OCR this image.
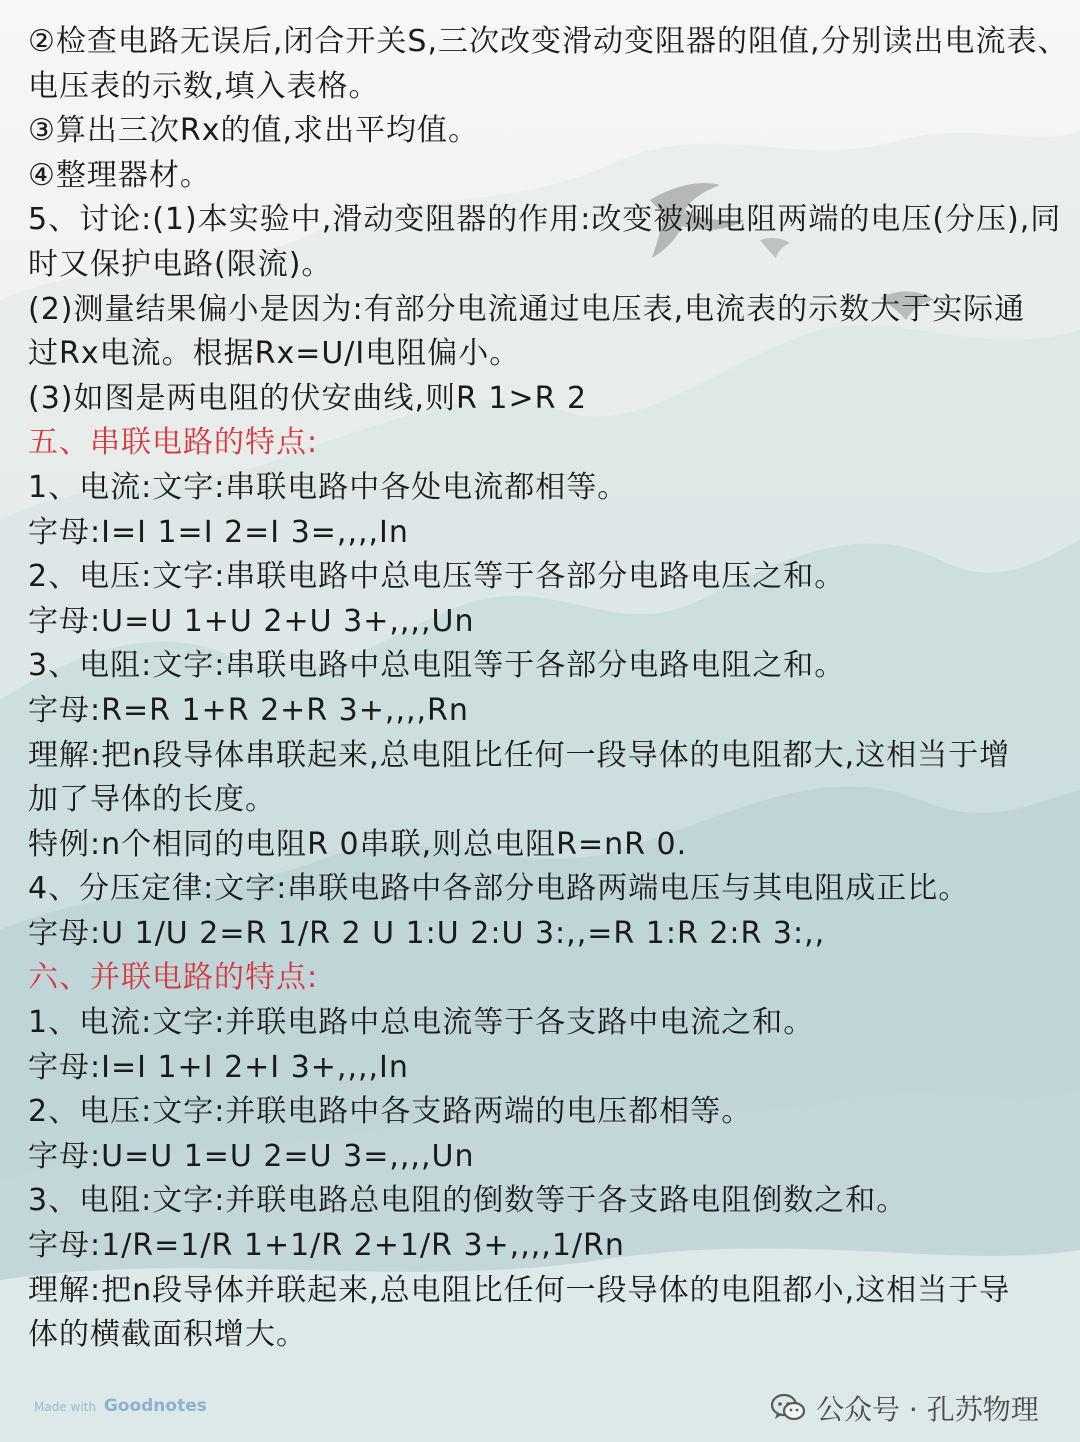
②检查电路无误后,闭合开关S,三次改变滑动变阻器的阻值,分别读出电流表、
电压表的示数,填入表格。
③算出三次Rx的值,求出平均值。
④整理器材。
5、讨论:(1)本实验中,滑动变阻器的作用:改变被测电阻两端的电压(分压),同
时又保护电路(限流)。
(2)测量结果偏小是因为:有部分电流通过电压表,电流表的示数大于实际通
过Rx电流。根据Rx=U/I电阻偏小。
(3)如图是两电阻的伏安曲线,则R 1>R 2
五、串联电路的特点:
1、电流:文字:串联电路中各处电流都相等。
字母:I=I 1=I 2=I 3=,,,,In
2、电压:文字:串联电路中总电压等于各部分电路电压之和。
字母:U=U 1+U 2+U 3+,,,,Un
3、电阻:文字:串联电路中总电阻等于各部分电路电阻之和。
字母:R=R 1+R 2+R 3+,,,,Rn
理解:把n段导体串联起来,总电阻比任何一段导体的电阻都大,这相当于增
加了导体的长度。
特例:n个相同的电阻R 0串联,则总电阻R=nR 0.
4、分压定律:文字:串联电路中各部分电路两端电压与其电阻成正比。
字母:U 1/U 2=R 1/R 2 U 1:U 2:U 3:,,=R 1:R 2:R 3:,,
六、并联电路的特点:
1、电流:文字:并联电路中总电流等于各支路中电流之和。
字母:I=I 1+I 2+I 3+,,,,In
2、电压:文字:并联电路中各支路两端的电压都相等。
字母:U=U 1=U 2=U 3=,,,,Un
3、电阻:文字:并联电路总电阻的倒数等于各支路电阻倒数之和。
字母:1/R=1/R 1+1/R 2+1/R 3+,,,,1/Rn
理解:把n段导体并联起来,总电阻比任何一段导体的电阻都小,这相当于导
体的横截面积增大。
Made with Goodnotes	公众号 · 孔苏物理
